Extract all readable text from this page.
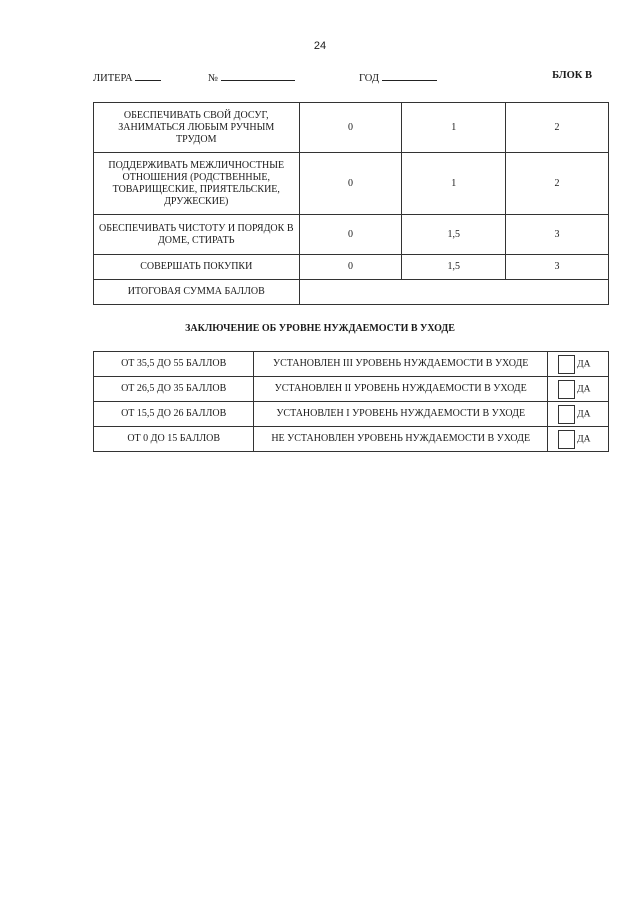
24
ЛИТЕРА	№	ГОД	БЛОК В
ОБЕСПЕЧИВАТЬ СВОЙ ДОСУГ, ЗАНИМАТЬСЯ ЛЮБЫМ РУЧНЫМ ТРУДОМ	0	1	2
ПОДДЕРЖИВАТЬ МЕЖЛИЧНОСТНЫЕ ОТНОШЕНИЯ (РОДСТВЕННЫЕ, ТОВАРИЩЕСКИЕ, ПРИЯТЕЛЬСКИЕ, ДРУЖЕСКИЕ)	0	1	2
ОБЕСПЕЧИВАТЬ ЧИСТОТУ И ПОРЯДОК В ДОМЕ, СТИРАТЬ	0	1,5	3
СОВЕРШАТЬ ПОКУПКИ	0	1,5	3
ИТОГОВАЯ СУММА БАЛЛОВ			
ЗАКЛЮЧЕНИЕ ОБ УРОВНЕ НУЖДАЕМОСТИ В УХОДЕ
ОТ 35,5 ДО 55 БАЛЛОВ	УСТАНОВЛЕН III УРОВЕНЬ НУЖДАЕМОСТИ В УХОДЕ	ДА
ОТ 26,5 ДО 35 БАЛЛОВ	УСТАНОВЛЕН II УРОВЕНЬ НУЖДАЕМОСТИ В УХОДЕ	ДА
ОТ 15,5 ДО 26 БАЛЛОВ	УСТАНОВЛЕН I УРОВЕНЬ НУЖДАЕМОСТИ В УХОДЕ	ДА
ОТ 0 ДО 15 БАЛЛОВ	НЕ УСТАНОВЛЕН УРОВЕНЬ НУЖДАЕМОСТИ В УХОДЕ	ДА
